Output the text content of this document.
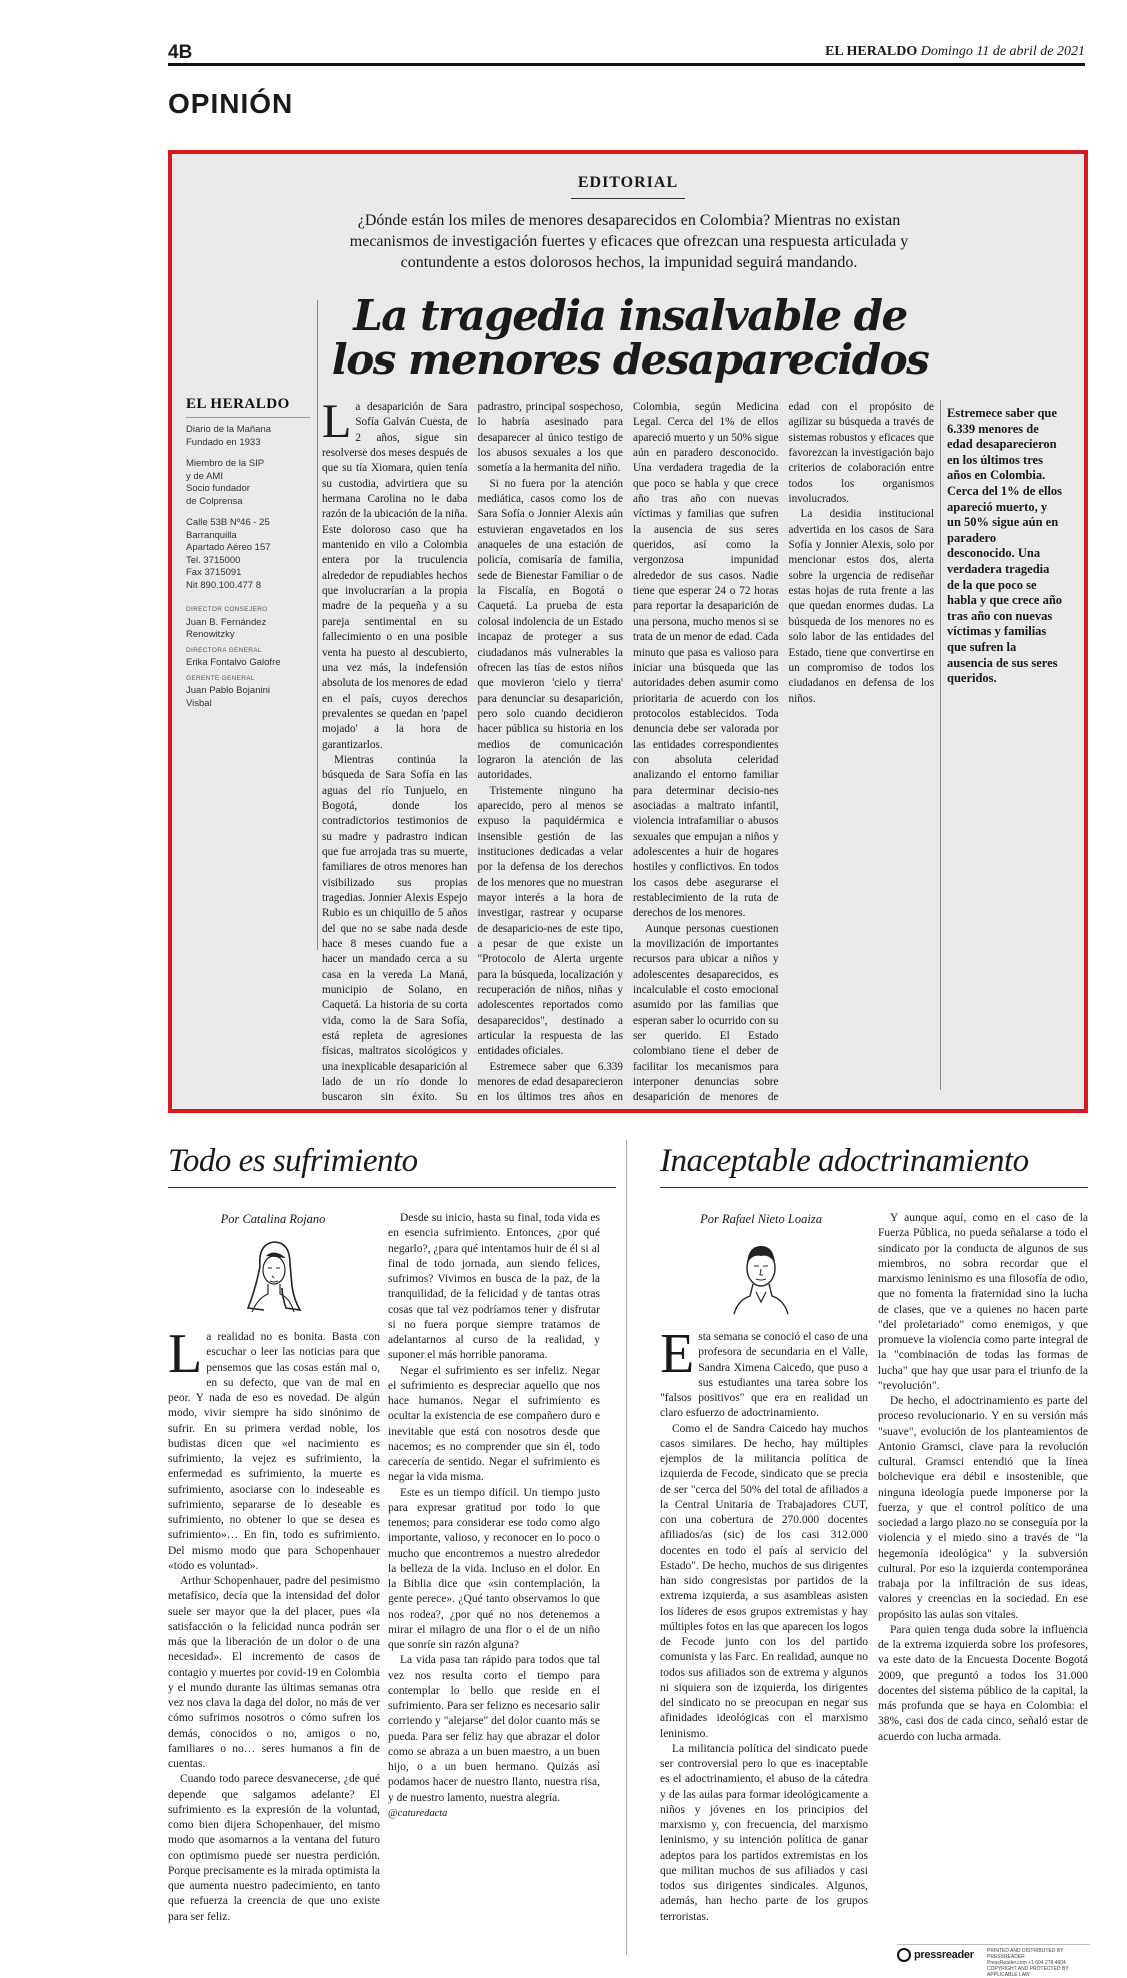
4B	EL HERALDO Domingo 11 de abril de 2021
OPINIÓN
EDITORIAL
¿Dónde están los miles de menores desaparecidos en Colombia? Mientras no existan mecanismos de investigación fuertes y eficaces que ofrezcan una respuesta articulada y contundente a estos dolorosos hechos, la impunidad seguirá mandando.
La tragedia insalvable de
los menores desaparecidos
EL HERALDO
Diario de la Mañana
Fundado en 1933
Miembro de la SIP
y de AMI
Socio fundador
de Colprensa
Calle 53B Nº46 - 25
Barranquilla
Apartado Aéreo 157
Tel. 3715000
Fax 3715091
Nit 890.100.477 8
DIRECTOR CONSEJERO
Juan B. Fernández
Renowitzky
DIRECTORA GENERAL
Erika Fontalvo Galofre
GERENTE GENERAL
Juan Pablo Bojanini
Visbal

La desaparición de Sara Sofía Galván Cuesta, de 2 años, sigue sin resolverse dos meses después de que su tía Xiomara, quien tenía su custodia, advirtiera que su hermana Carolina no le daba razón de la ubicación de la niña. Este doloroso caso que ha mantenido en vilo a Colombia entera por la truculencia alrededor de repudiables hechos que involucrarían a la propia madre de la pequeña y a su pareja sentimental en su fallecimiento o en una posible venta ha puesto al descubierto, una vez más, la indefensión absoluta de los menores de edad en el país, cuyos derechos prevalentes se quedan en 'papel mojado' a la hora de garantizarlos.

Mientras continúa la búsqueda de Sara Sofía en las aguas del río Tunjuelo, en Bogotá, donde los contradictorios testimonios de su madre y padrastro indican que fue arrojada tras su muerte, familiares de otros menores han visibilizado sus propias tragedias. Jonnier Alexis Espejo Rubio es un chiquillo de 5 años del que no se sabe nada desde hace 8 meses cuando fue a hacer un mandado cerca a su casa en la vereda La Maná, municipio de Solano, en Caquetá. La historia de su corta vida, como la de Sara Sofía, está repleta de agresiones físicas, maltratos sicológicos y una inexplicable desaparición al lado de un río donde lo buscaron sin éxito. Su padrastro, principal sospechoso, lo habría asesinado para desaparecer al único testigo de los abusos sexuales a los que sometía a la hermanita del niño.

Si no fuera por la atención mediática, casos como los de Sara Sofía o Jonnier Alexis aún estuvieran engavetados en los anaqueles de una estación de policía, comisaría de familia, sede de Bienestar Familiar o de la Fiscalía, en Bogotá o Caquetá. La prueba de esta colosal indolencia de un Estado incapaz de proteger a sus ciudadanos más vulnerables la ofrecen las tías de estos niños que movieron 'cielo y tierra' para denunciar su desaparición, pero solo cuando decidieron hacer pública su historia en los medios de comunicación lograron la atención de las autoridades.

Tristemente ninguno ha aparecido, pero al menos se expuso la paquidérmica e insensible gestión de las instituciones dedicadas a velar por la defensa de los derechos de los menores que no muestran mayor interés a la hora de investigar, rastrear y ocuparse de desaparicio-nes de este tipo, a pesar de que existe un "Protocolo de Alerta urgente para la búsqueda, localización y recuperación de niños, niñas y adolescentes reportados como desaparecidos", destinado a articular la respuesta de las entidades oficiales.

Estremece saber que 6.339 menores de edad desaparecieron en los últimos tres años en Colombia, según Medicina Legal. Cerca del 1% de ellos apareció muerto y un 50% sigue aún en paradero desconocido. Una verdadera tragedia de la que poco se habla y que crece año tras año con nuevas víctimas y familias que sufren la ausencia de sus seres queridos, así como la vergonzosa impunidad alrededor de sus casos. Nadie tiene que esperar 24 o 72 horas para reportar la desaparición de una persona, mucho menos si se trata de un menor de edad. Cada minuto que pasa es valioso para iniciar una búsqueda que las autoridades deben asumir como prioritaria de acuerdo con los protocolos establecidos. Toda denuncia debe ser valorada por las entidades correspondientes con absoluta celeridad analizando el entorno familiar para determinar decisio-nes asociadas a maltrato infantil, violencia intrafamiliar o abusos sexuales que empujan a niños y adolescentes a huir de hogares hostiles y conflictivos. En todos los casos debe asegurarse el restablecimiento de la ruta de derechos de los menores.

Aunque personas cuestionen la movilización de importantes recursos para ubicar a niños y adolescentes desaparecidos, es incalculable el costo emocional asumido por las familias que esperan saber lo ocurrido con su ser querido. El Estado colombiano tiene el deber de facilitar los mecanismos para interponer denuncias sobre desaparición de menores de edad con el propósito de agilizar su búsqueda a través de sistemas robustos y eficaces que favorezcan la investigación bajo criterios de colaboración entre todos los organismos involucrados.

La desidia institucional advertida en los casos de Sara Sofía y Jonnier Alexis, solo por mencionar estos dos, alerta sobre la urgencia de rediseñar estas hojas de ruta frente a las que quedan enormes dudas. La búsqueda de los menores no es solo labor de las entidades del Estado, tiene que convertirse en un compromiso de todos los ciudadanos en defensa de los niños.

Estremece saber que 6.339 menores de edad desaparecieron en los últimos tres años en Colombia. Cerca del 1% de ellos apareció muerto, y un 50% sigue aún en paradero desconocido. Una verdadera tragedia de la que poco se habla y que crece año tras año con nuevas víctimas y familias que sufren la ausencia de sus seres queridos.
Todo es sufrimiento
Por Catalina Rojano

La realidad no es bonita. Basta con escuchar o leer las noticias para que pensemos que las cosas están mal o, en su defecto, que van de mal en peor. Y nada de eso es novedad. De algún modo, vivir siempre ha sido sinónimo de sufrir. En su primera verdad noble, los budistas dicen que «el nacimiento es sufrimiento, la vejez es sufrimiento, la enfermedad es sufrimiento, la muerte es sufrimiento, asociarse con lo indeseable es sufrimiento, separarse de lo deseable es sufrimiento, no obtener lo que se desea es sufrimiento»… En fin, todo es sufrimiento. Del mismo modo que para Schopenhauer «todo es voluntad».

Arthur Schopenhauer, padre del pesimismo metafísico, decía que la intensidad del dolor suele ser mayor que la del placer, pues «la satisfacción o la felicidad nunca podrán ser más que la liberación de un dolor o de una necesidad». El incremento de casos de contagio y muertes por covid-19 en Colombia y el mundo durante las últimas semanas otra vez nos clava la daga del dolor, no más de ver cómo sufrimos nosotros o cómo sufren los demás, conocidos o no, amigos o no, familiares o no… seres humanos a fin de cuentas.

Cuando todo parece desvanecerse, ¿de qué depende que salgamos adelante? El sufrimiento es la expresión de la voluntad, como bien dijera Schopenhauer, del mismo modo que asomarnos a la ventana del futuro con optimismo puede ser nuestra perdición. Porque precisamente es la mirada optimista la que aumenta nuestro padecimiento, en tanto que refuerza la creencia de que uno existe para ser feliz.

Desde su inicio, hasta su final, toda vida es en esencia sufrimiento. Entonces, ¿por qué negarlo?, ¿para qué intentamos huir de él si al final de todo jornada, aun siendo felices, sufrimos? Vivimos en busca de la paz, de la tranquilidad, de la felicidad y de tantas otras cosas que tal vez podríamos tener y disfrutar si no fuera porque siempre tratamos de adelantarnos al curso de la realidad, y suponer el más horrible panorama.

Negar el sufrimiento es ser infeliz. Negar el sufrimiento es despreciar aquello que nos hace humanos. Negar el sufrimiento es ocultar la existencia de ese compañero duro e inevitable que está con nosotros desde que nacemos; es no comprender que sin él, todo carecería de sentido. Negar el sufrimiento es negar la vida misma.

Este es un tiempo difícil. Un tiempo justo para expresar gratitud por todo lo que tenemos; para considerar ese todo como algo importante, valioso, y reconocer en lo poco o mucho que encontremos a nuestro alrededor la belleza de la vida. Incluso en el dolor. En la Biblia dice que «sin contemplación, la gente perece». ¿Qué tanto observamos lo que nos rodea?, ¿por qué no nos detenemos a mirar el milagro de una flor o el de un niño que sonríe sin razón alguna?

La vida pasa tan rápido para todos que tal vez nos resulta corto el tiempo para contemplar lo bello que reside en el sufrimiento. Para ser felizno es necesario salir corriendo y "alejarse" del dolor cuanto más se pueda. Para ser feliz hay que abrazar el dolor como se abraza a un buen maestro, a un buen hijo, o a un buen hermano. Quizás así podamos hacer de nuestro llanto, nuestra risa, y de nuestro lamento, nuestra alegría.

@caturedacta

Inaceptable adoctrinamiento
Por Rafael Nieto Loaiza

Esta semana se conoció el caso de una profesora de secundaria en el Valle, Sandra Ximena Caicedo, que puso a sus estudiantes una tarea sobre los "falsos positivos" que era en realidad un claro esfuerzo de adoctrinamiento.

Como el de Sandra Caicedo hay muchos casos similares. De hecho, hay múltiples ejemplos de la militancia política de izquierda de Fecode, sindicato que se precia de ser "cerca del 50% del total de afiliados a la Central Unitaria de Trabajadores CUT, con una cobertura de 270.000 docentes afiliados/as (sic) de los casi 312.000 docentes en todo el país al servicio del Estado". De hecho, muchos de sus dirigentes han sido congresistas por partidos de la extrema izquierda, a sus asambleas asisten los líderes de esos grupos extremistas y hay múltiples fotos en las que aparecen los logos de Fecode junto con los del partido comunista y las Farc. En realidad, aunque no todos sus afiliados son de extrema y algunos ni siquiera son de izquierda, los dirigentes del sindicato no se preocupan en negar sus afinidades ideológicas con el marxismo leninismo.

La militancia política del sindicato puede ser controversial pero lo que es inaceptable es el adoctrinamiento, el abuso de la cátedra y de las aulas para formar ideológicamente a niños y jóvenes en los principios del marxismo y, con frecuencia, del marxismo leninismo, y su intención política de ganar adeptos para los partidos extremistas en los que militan muchos de sus afiliados y casi todos sus dirigentes sindicales. Algunos, además, han hecho parte de los grupos terroristas.

Y aunque aquí, como en el caso de la Fuerza Pública, no pueda señalarse a todo el sindicato por la conducta de algunos de sus miembros, no sobra recordar que el marxismo leninismo es una filosofía de odio, que no fomenta la fraternidad sino la lucha de clases, que ve a quienes no hacen parte "del proletariado" como enemigos, y que promueve la violencia como parte integral de la "combinación de todas las formas de lucha" que hay que usar para el triunfo de la "revolución".

De hecho, el adoctrinamiento es parte del proceso revolucionario. Y en su versión más "suave", evolución de los planteamientos de Antonio Gramsci, clave para la revolución cultural. Gramsci entendió que la línea bolchevique era débil e insostenible, que ninguna ideología puede imponerse por la fuerza, y que el control político de una sociedad a largo plazo no se conseguía por la violencia y el miedo sino a través de "la hegemonía ideológica" y la subversión cultural. Por eso la izquierda contemporánea trabaja por la infiltración de sus ideas, valores y creencias en la sociedad. En ese propósito las aulas son vitales.

Para quien tenga duda sobre la influencia de la extrema izquierda sobre los profesores, va este dato de la Encuesta Docente Bogotá 2009, que preguntó a todos los 31.000 docentes del sistema público de la capital, la más profunda que se haya en Colombia: el 38%, casi dos de cada cinco, señaló estar de acuerdo con lucha armada.

pressreader	PRINTED AND DISTRIBUTED BY PRESSREADER
PressReader.com +1 604 278 4604
COPYRIGHT AND PROTECTED BY APPLICABLE LAW
